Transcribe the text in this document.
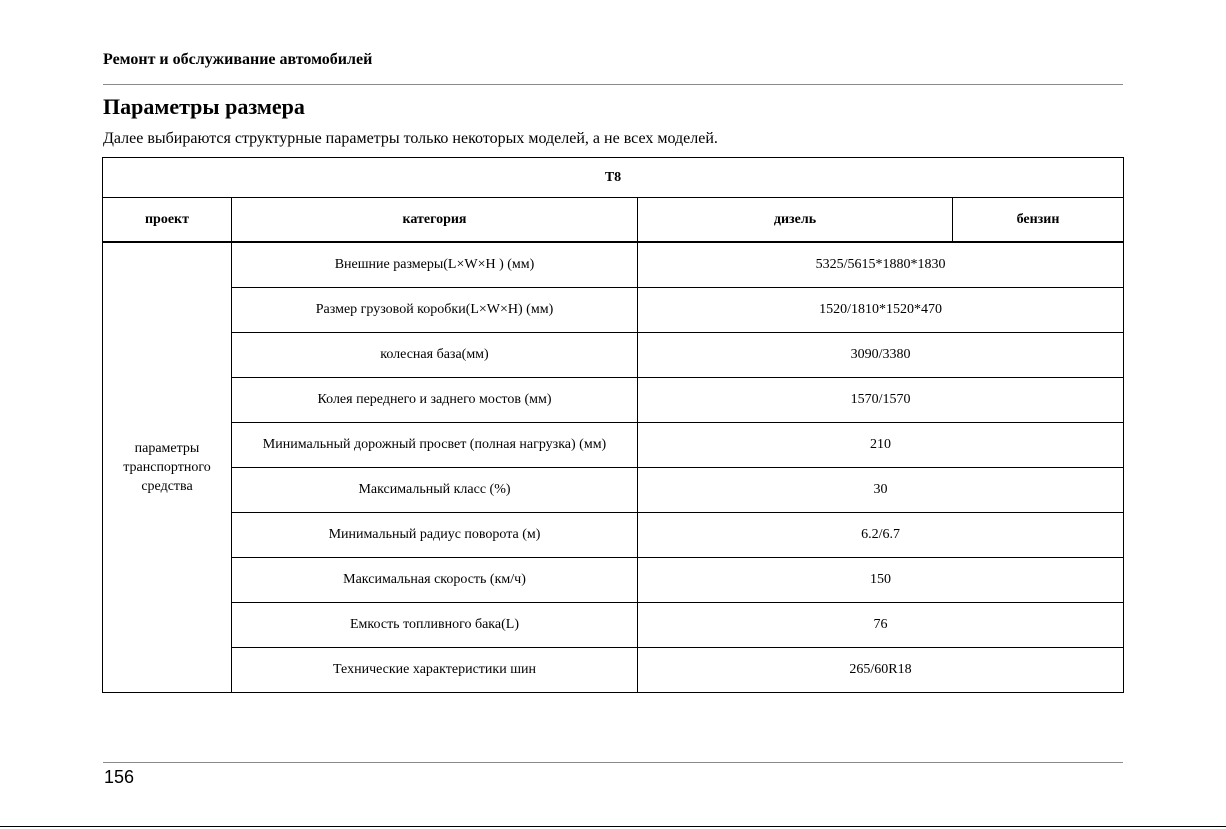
Ремонт и обслуживание автомобилей
Параметры размера
Далее выбираются структурные параметры только некоторых моделей, а не всех моделей.
T8			
проект	категория	дизель	бензин
параметры транспортного средства	Внешние размеры(L×W×H ) (мм)	5325/5615*1880*1830	
	Размер грузовой коробки(L×W×H) (мм)	1520/1810*1520*470	
	колесная база(мм)	3090/3380	
	Колея переднего и заднего мостов (мм)	1570/1570	
	Минимальный дорожный просвет (полная нагрузка) (мм)	210	
	Максимальный класс (%)	30	
	Минимальный радиус поворота (м)	6.2/6.7	
	Максимальная скорость (км/ч)	150	
	Емкость топливного бака(L)	76	
	Технические характеристики шин	265/60R18	
156
